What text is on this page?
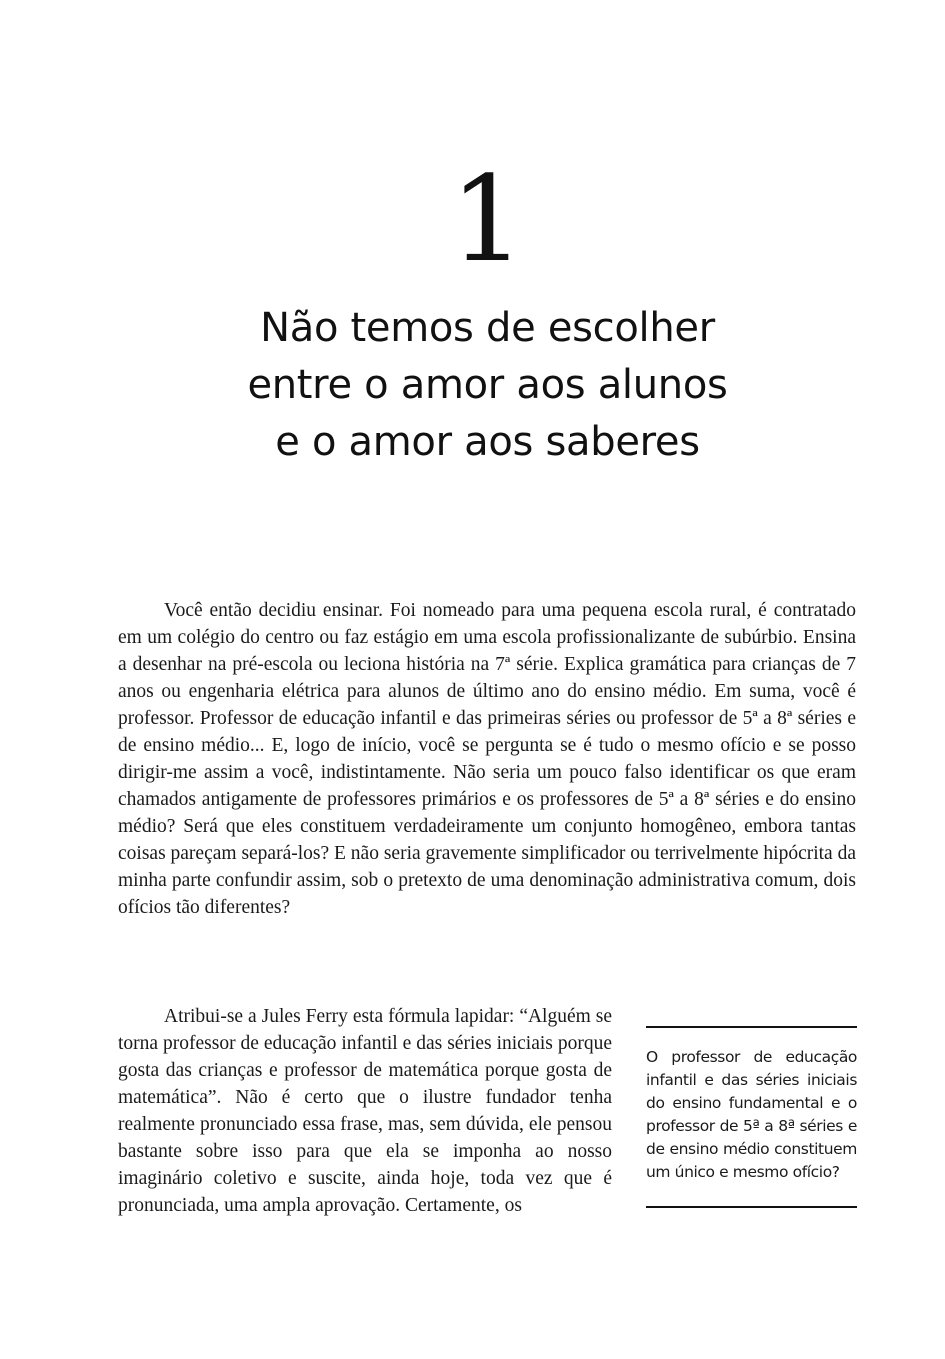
1
Não temos de escolher
entre o amor aos alunos
e o amor aos saberes

Você então decidiu ensinar. Foi nomeado para uma pequena escola rural, é contratado em um colégio do centro ou faz estágio em uma escola profissionalizante de subúrbio. Ensina a desenhar na pré-escola ou leciona história na 7ª série. Explica gramática para crianças de 7 anos ou engenharia elétrica para alunos de último ano do ensino médio. Em suma, você é professor. Professor de educação infantil e das primeiras séries ou professor de 5ª a 8ª séries e de ensino médio... E, logo de início, você se pergunta se é tudo o mesmo ofício e se posso dirigir-me assim a você, indistintamente. Não seria um pouco falso identificar os que eram chamados antigamente de professores primários e os professores de 5ª a 8ª séries e do ensino médio? Será que eles constituem verdadeiramente um conjunto homogêneo, embora tantas coisas pareçam separá-los? E não seria gravemente simplificador ou terrivelmente hipócrita da minha parte confundir assim, sob o pretexto de uma denominação administrativa comum, dois ofícios tão diferentes?

Atribui-se a Jules Ferry esta fórmula lapidar: “Alguém se torna professor de educação infantil e das séries iniciais porque gosta das crianças e professor de matemática porque gosta de matemática”. Não é certo que o ilustre fundador tenha realmente pronunciado essa frase, mas, sem dúvida, ele pensou bastante sobre isso para que ela se imponha ao nosso imaginário coletivo e suscite, ainda hoje, toda vez que é pronunciada, uma ampla aprovação. Certamente, os

O professor de educação infantil e das séries iniciais do ensino fundamental e o professor de 5ª a 8ª séries e de ensino médio constituem um único e mesmo ofício?
